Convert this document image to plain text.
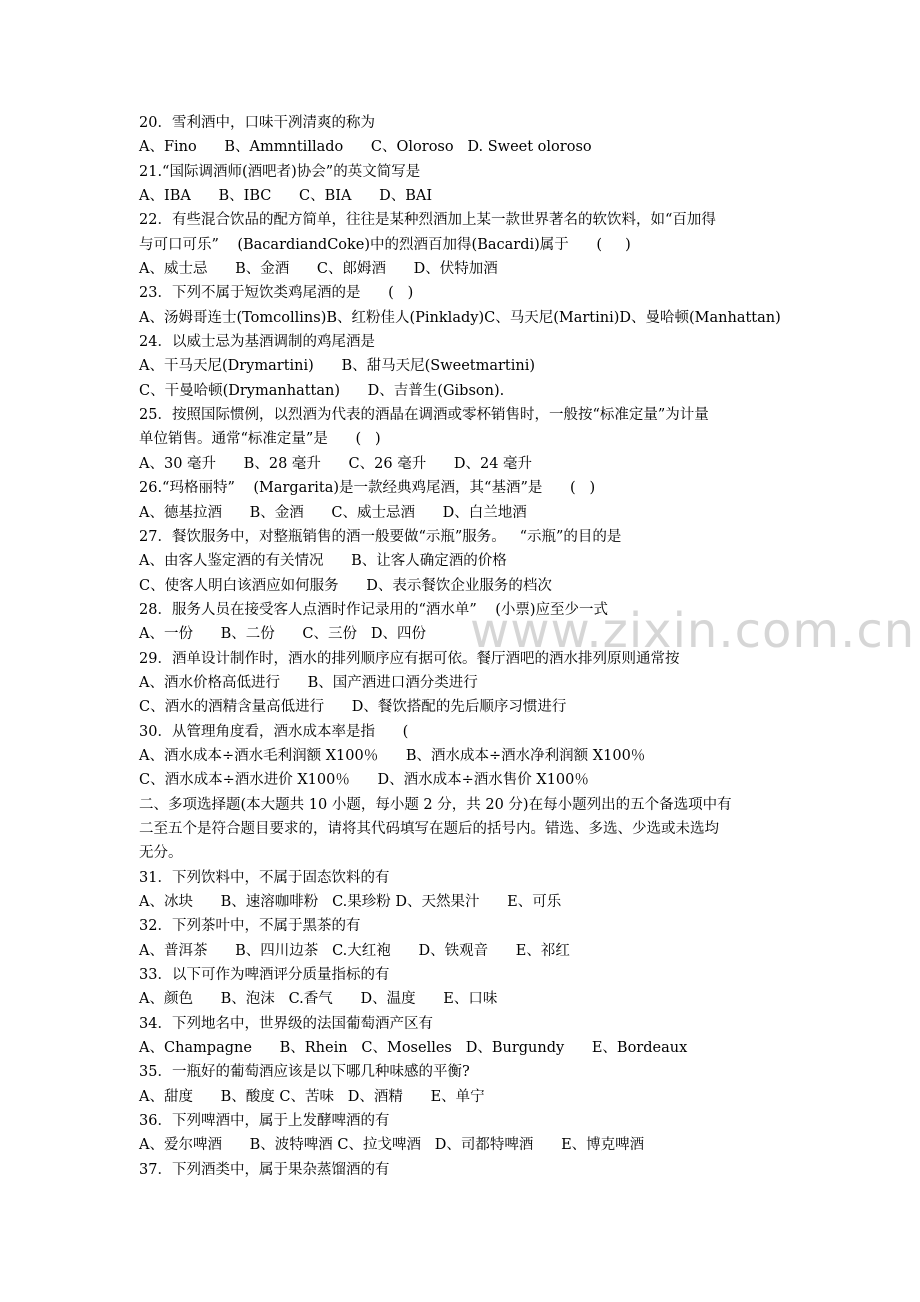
20．雪利酒中，口味干冽清爽的称为
A、Fino      B、Ammntillado      C、Oloroso   D. Sweet oloroso
21.“国际调酒师(酒吧者)协会”的英文简写是
A、IBA      B、IBC      C、BIA      D、BAI
22．有些混合饮品的配方简单，往往是某种烈酒加上某一款世界著名的软饮料，如“百加得
与可口可乐”    (BacardiandCoke)中的烈酒百加得(Bacardi)属于      (     )
A、威士忌      B、金酒      C、郎姆酒      D、伏特加酒
23．下列不属于短饮类鸡尾酒的是      (   )
A、汤姆哥连士(Tomcollins)B、红粉佳人(Pinklady)C、马天尼(Martini)D、曼哈顿(Manhattan)
24．以威士忌为基酒调制的鸡尾酒是
A、干马天尼(Drymartini)      B、甜马天尼(Sweetmartini)
C、干曼哈顿(Drymanhattan)      D、吉普生(Gibson).
25．按照国际惯例，以烈酒为代表的酒晶在调酒或零杯销售时，一般按“标准定量”为计量
单位销售。通常“标准定量”是      (   )
A、30 毫升      B、28 毫升      C、26 毫升      D、24 毫升
26.“玛格丽特”    (Margarita)是一款经典鸡尾酒，其“基酒”是      (   )
A、德基拉酒      B、金酒      C、威士忌酒      D、白兰地酒
27．餐饮服务中，对整瓶销售的酒一般要做“示瓶”服务。   “示瓶”的目的是
A、由客人鉴定酒的有关情况      B、让客人确定酒的价格
C、使客人明白该酒应如何服务      D、表示餐饮企业服务的档次
28．服务人员在接受客人点酒时作记录用的“酒水单”    (小票)应至少一式
A、一份      B、二份      C、三份   D、四份
29．酒单设计制作时，酒水的排列顺序应有据可依。餐厅酒吧的酒水排列原则通常按
A、酒水价格高低进行      B、国产酒进口酒分类进行
C、酒水的酒精含量高低进行      D、餐饮搭配的先后顺序习惯进行
30．从管理角度看，酒水成本率是指      (
A、酒水成本÷酒水毛利润额 X100％      B、酒水成本÷酒水净利润额 X100％
C、酒水成本÷酒水进价 X100％      D、酒水成本÷酒水售价 X100％
二、多项选择题(本大题共 10 小题，每小题 2 分，共 20 分)在每小题列出的五个备选项中有
二至五个是符合题目要求的，请将其代码填写在题后的括号内。错选、多选、少选或未选均
无分。
31．下列饮料中，不属于固态饮料的有
A、冰块      B、速溶咖啡粉   C.果珍粉 D、天然果汁      E、可乐
32．下列茶叶中，不属于黑茶的有
A、普洱茶      B、四川边茶   C.大红袍      D、铁观音      E、祁红
33．以下可作为啤酒评分质量指标的有
A、颜色      B、泡沫   C.香气      D、温度      E、口味
34．下列地名中，世界级的法国葡萄酒产区有
A、Champagne      B、Rhein   C、Moselles   D、Burgundy      E、Bordeaux
35．一瓶好的葡萄酒应该是以下哪几种味感的平衡?
A、甜度      B、酸度 C、苦味   D、酒精      E、单宁
36．下列啤酒中，属于上发酵啤酒的有
A、爱尔啤酒      B、波特啤酒 C、拉戈啤酒   D、司都特啤酒      E、博克啤酒
37．下列酒类中，属于果杂蒸馏酒的有
www.zixin.com.cn
